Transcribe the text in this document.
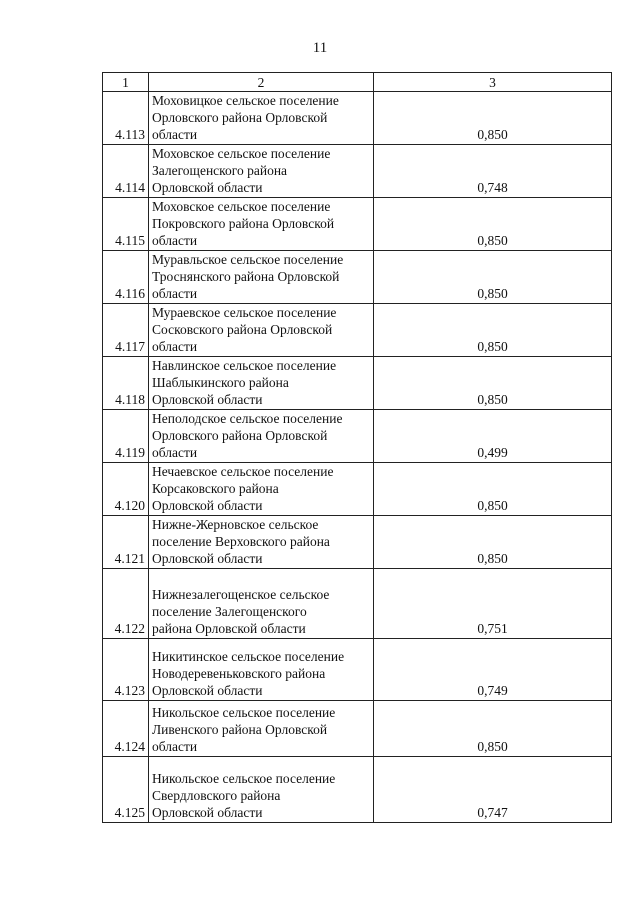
11
1	2	3
4.113	Моховицкое сельское поселение
Орловского района Орловской
области	0,850
4.114	Моховское сельское поселение
Залегощенского района
Орловской области	0,748
4.115	Моховское сельское поселение
Покровского района Орловской
области	0,850
4.116	Муравльское сельское поселение
Троснянского района Орловской
области	0,850
4.117	Мураевское сельское поселение
Сосковского района Орловской
области	0,850
4.118	Навлинское сельское поселение
Шаблыкинского района
Орловской области	0,850
4.119	Неполодское сельское поселение
Орловского района Орловской
области	0,499
4.120	Нечаевское сельское поселение
Корсаковского района
Орловской области	0,850
4.121	Нижне-Жерновское сельское
поселение Верховского района
Орловской области	0,850
4.122	Нижнезалегощенское сельское
поселение Залегощенского
района Орловской области	0,751
4.123	Никитинское сельское поселение
Новодеревеньковского района
Орловской области	0,749
4.124	Никольское сельское поселение
Ливенского района Орловской
области	0,850
4.125	Никольское сельское поселение
Свердловского района
Орловской области	0,747
